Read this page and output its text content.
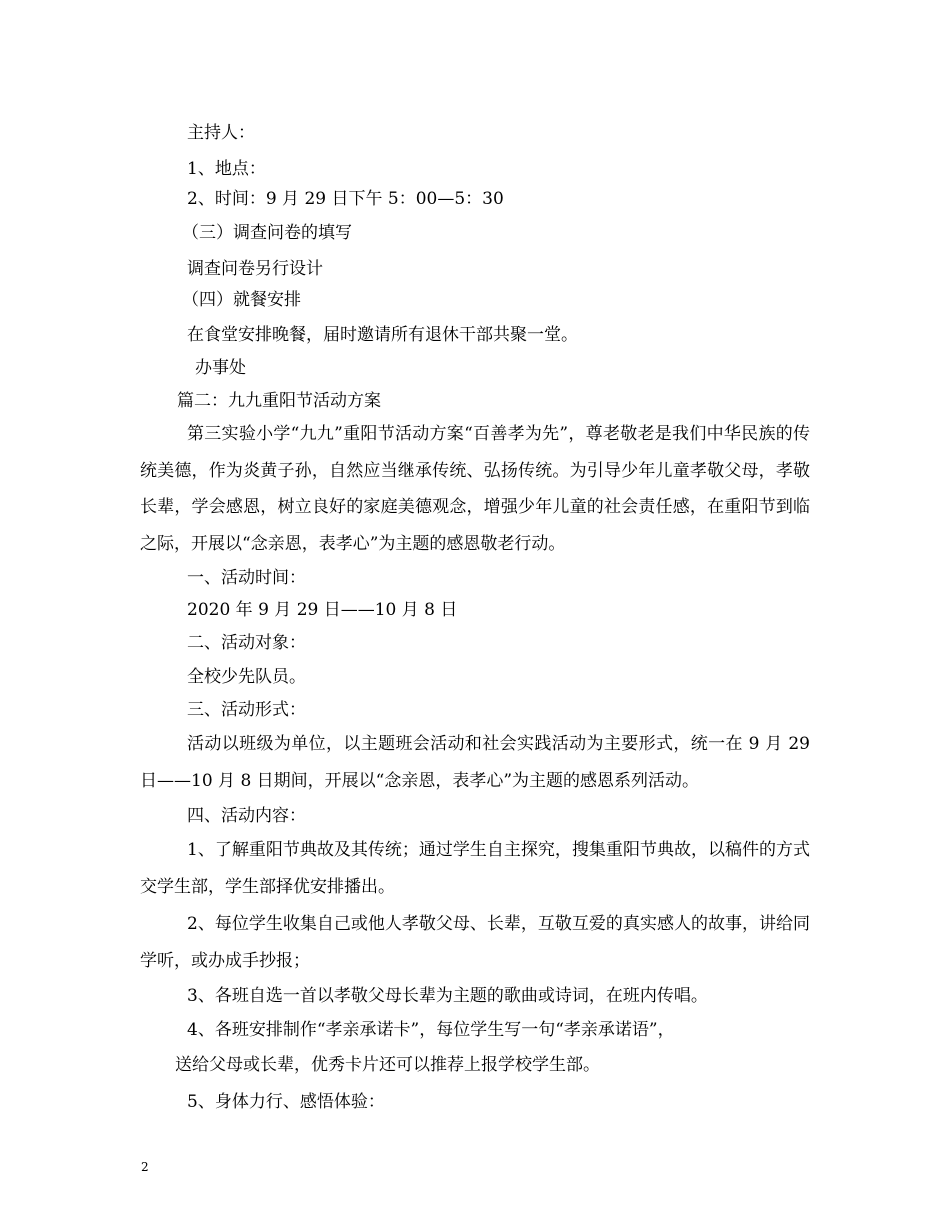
主持人：
1、地点：
2、时间：9 月 29 日下午 5：00—5：30
（三）调查问卷的填写
调查问卷另行设计
（四）就餐安排
在食堂安排晚餐，届时邀请所有退休干部共聚一堂。
办事处
篇二：九九重阳节活动方案
第三实验小学“九九”重阳节活动方案“百善孝为先”，尊老敬老是我们中华民族的传统美德，作为炎黄子孙，自然应当继承传统、弘扬传统。为引导少年儿童孝敬父母，孝敬长辈，学会感恩，树立良好的家庭美德观念，增强少年儿童的社会责任感，在重阳节到临之际，开展以“念亲恩，表孝心”为主题的感恩敬老行动。
一、活动时间：
2020 年 9 月 29 日——10 月 8 日
二、活动对象：
全校少先队员。
三、活动形式：
活动以班级为单位，以主题班会活动和社会实践活动为主要形式，统一在 9 月 29 日——10 月 8 日期间，开展以“念亲恩，表孝心”为主题的感恩系列活动。
四、活动内容：
1、了解重阳节典故及其传统；通过学生自主探究，搜集重阳节典故，以稿件的方式交学生部，学生部择优安排播出。
2、每位学生收集自己或他人孝敬父母、长辈，互敬互爱的真实感人的故事，讲给同学听，或办成手抄报；
3、各班自选一首以孝敬父母长辈为主题的歌曲或诗词，在班内传唱。
4、各班安排制作“孝亲承诺卡”，每位学生写一句“孝亲承诺语”，
送给父母或长辈，优秀卡片还可以推荐上报学校学生部。
5、身体力行、感悟体验：
2
